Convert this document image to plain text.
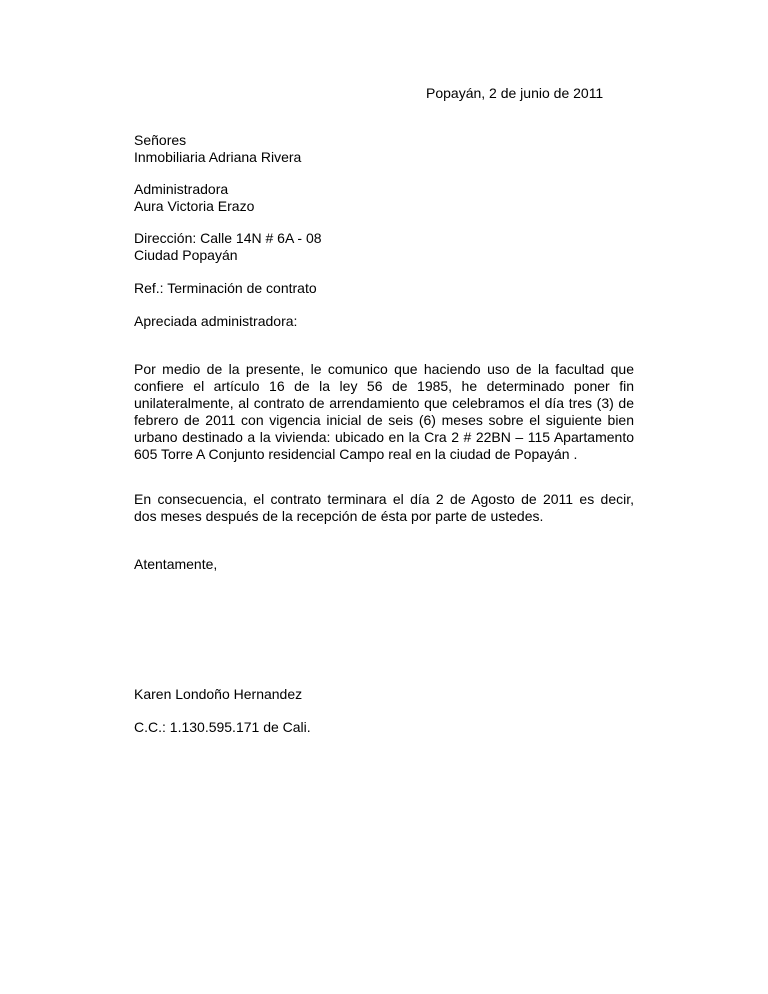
Popayán, 2 de junio de 2011
Señores
Inmobiliaria Adriana Rivera
Administradora
Aura Victoria Erazo
Dirección: Calle 14N # 6A - 08
Ciudad Popayán
Ref.: Terminación de contrato
Apreciada administradora:
Por medio de la presente, le comunico que haciendo uso de la facultad que
confiere el artículo 16 de la ley 56 de 1985, he determinado poner fin
unilateralmente, al contrato de arrendamiento que celebramos el día tres (3) de
febrero de 2011 con vigencia inicial de seis (6) meses sobre el siguiente bien
urbano destinado a la vivienda: ubicado en la Cra 2 # 22BN – 115 Apartamento
605 Torre A Conjunto residencial Campo real en la ciudad de Popayán .
En consecuencia, el contrato terminara el día 2 de Agosto de 2011 es decir,
dos meses después de la recepción de ésta por parte de ustedes.
Atentamente,
Karen Londoño Hernandez
C.C.: 1.130.595.171 de Cali.
